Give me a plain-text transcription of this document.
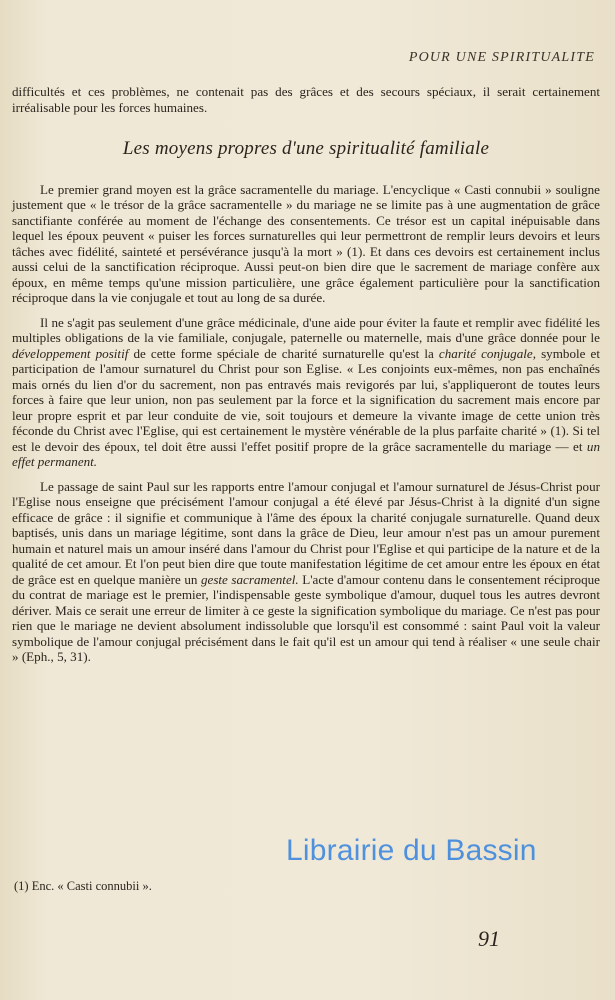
POUR UNE SPIRITUALITE

difficultés et ces problèmes, ne contenait pas des grâces et des secours spéciaux, il serait certainement irréalisable pour les forces humaines.

Les moyens propres d'une spiritualité familiale

Le premier grand moyen est la grâce sacramentelle du mariage. L'encyclique « Casti connubii » souligne justement que « le trésor de la grâce sacramentelle » du mariage ne se limite pas à une augmentation de grâce sanctifiante conférée au moment de l'échange des consentements. Ce trésor est un capital inépuisable dans lequel les époux peuvent « puiser les forces surnaturelles qui leur permettront de remplir leurs devoirs et leurs tâches avec fidélité, sainteté et persévérance jusqu'à la mort » (1). Et dans ces devoirs est certainement inclus aussi celui de la sanctification réciproque. Aussi peut-on bien dire que le sacrement de mariage confère aux époux, en même temps qu'une mission particulière, une grâce également particulière pour la sanctification réciproque dans la vie conjugale et tout au long de sa durée.

Il ne s'agit pas seulement d'une grâce médicinale, d'une aide pour éviter la faute et remplir avec fidélité les multiples obligations de la vie familiale, conjugale, paternelle ou maternelle, mais d'une grâce donnée pour le développement positif de cette forme spéciale de charité surnaturelle qu'est la charité conjugale, symbole et participation de l'amour surnaturel du Christ pour son Eglise. « Les conjoints eux-mêmes, non pas enchaînés mais ornés du lien d'or du sacrement, non pas entravés mais revigorés par lui, s'appliqueront de toutes leurs forces à faire que leur union, non pas seulement par la force et la signification du sacrement mais encore par leur propre esprit et par leur conduite de vie, soit toujours et demeure la vivante image de cette union très féconde du Christ avec l'Eglise, qui est certainement le mystère vénérable de la plus parfaite charité » (1). Si tel est le devoir des époux, tel doit être aussi l'effet positif propre de la grâce sacramentelle du mariage — et un effet permanent.

Le passage de saint Paul sur les rapports entre l'amour conjugal et l'amour surnaturel de Jésus-Christ pour l'Eglise nous enseigne que précisément l'amour conjugal a été élevé par Jésus-Christ à la dignité d'un signe efficace de grâce : il signifie et communique à l'âme des époux la charité conjugale surnaturelle. Quand deux baptisés, unis dans un mariage légitime, sont dans la grâce de Dieu, leur amour n'est pas un amour purement humain et naturel mais un amour inséré dans l'amour du Christ pour l'Eglise et qui participe de la nature et de la qualité de cet amour. Et l'on peut bien dire que toute manifestation légitime de cet amour entre les époux en état de grâce est en quelque manière un geste sacramentel. L'acte d'amour contenu dans le consentement réciproque du contrat de mariage est le premier, l'indispensable geste symbolique d'amour, duquel tous les autres devront dériver. Mais ce serait une erreur de limiter à ce geste la signification symbolique du mariage. Ce n'est pas pour rien que le mariage ne devient absolument indissoluble que lorsqu'il est consommé : saint Paul voit la valeur symbolique de l'amour conjugal précisément dans le fait qu'il est un amour qui tend à réaliser « une seule chair » (Eph., 5, 31).

Librairie du Bassin
(1) Enc. « Casti connubii ».
91
